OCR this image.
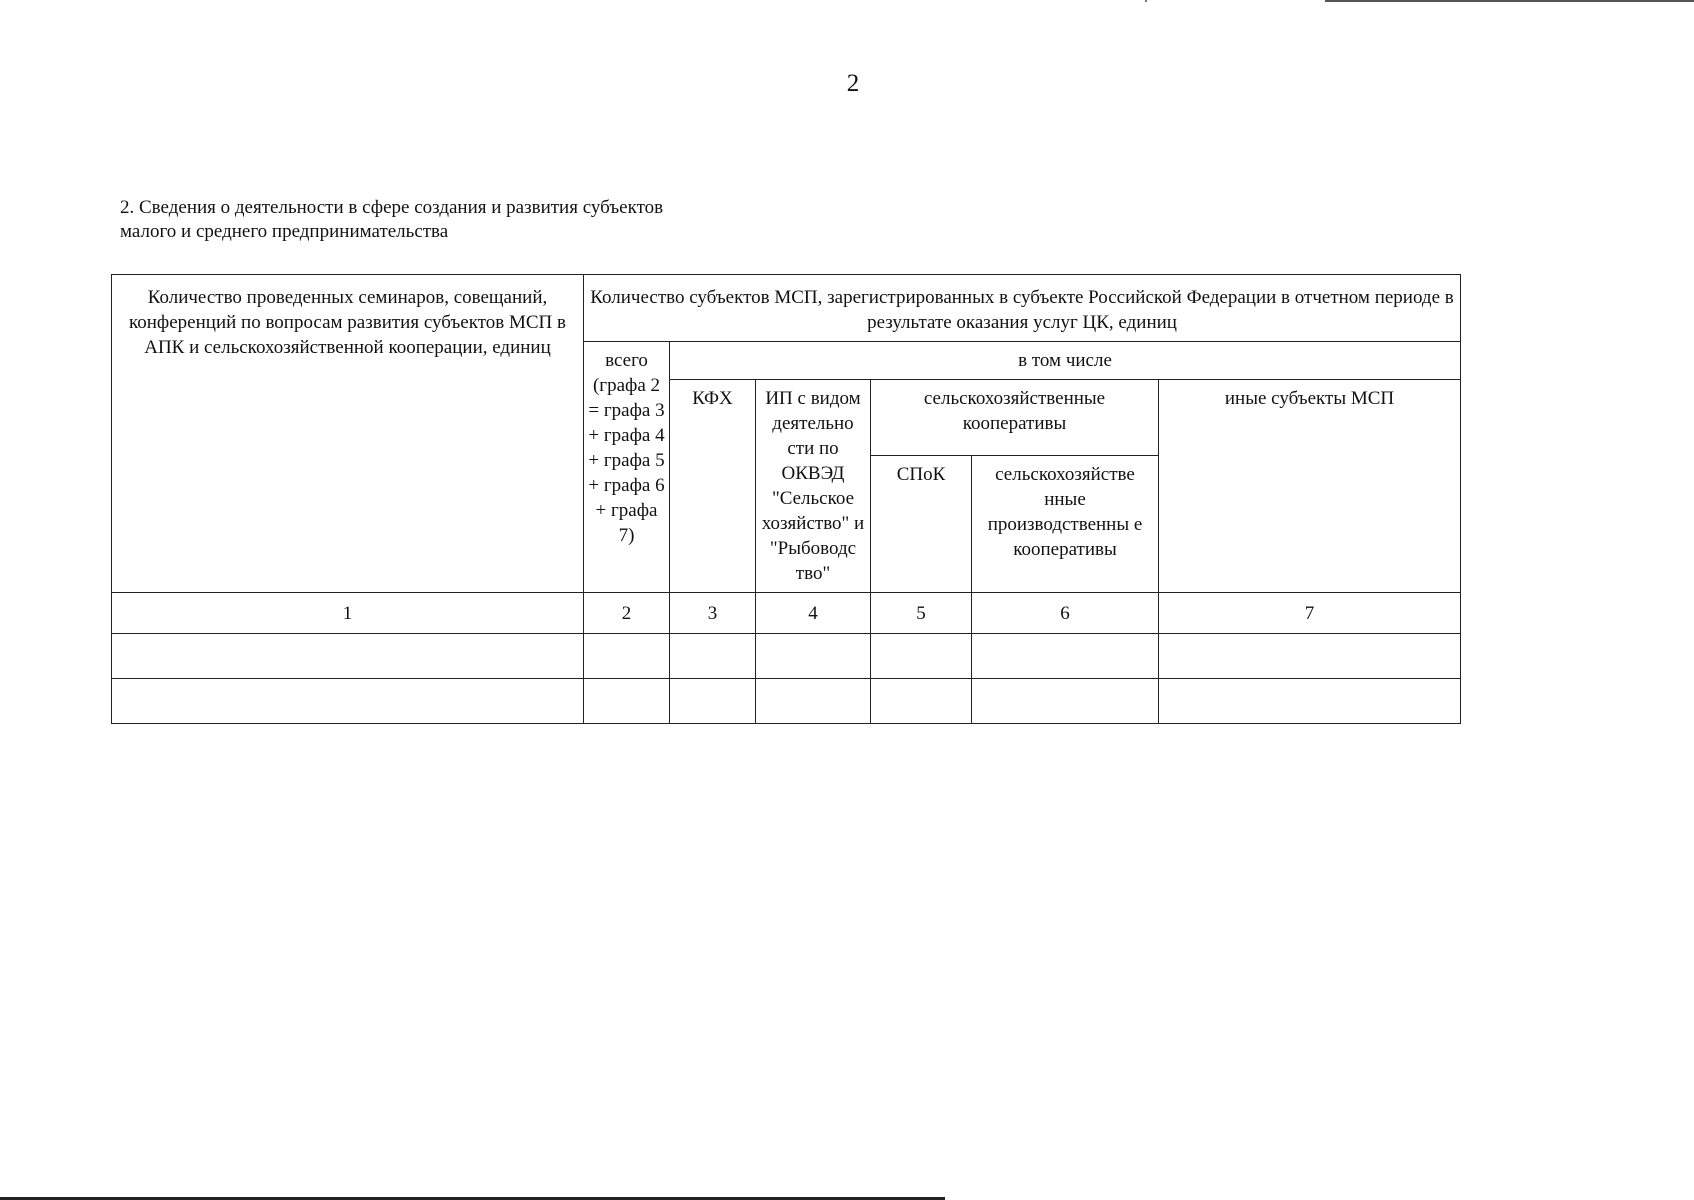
2
2. Сведения о деятельности в сфере создания и развития субъектов
малого и среднего предпринимательства
Количество проведенных семинаров, совещаний, конференций по вопросам развития субъектов МСП в АПК и сельскохозяйственной кооперации, единиц	Количество субъектов МСП, зарегистрированных в субъекте Российской Федерации в отчетном периоде в результате оказания услуг ЦК, единиц					
	всего (графа 2 = графа 3 + графа 4 + графа 5 + графа 6 + графа 7)	в том числе				
		КФХ	ИП с видом деятельно сти по ОКВЭД "Сельское хозяйство" и "Рыбоводс тво"	сельскохозяйственные кооперативы		иные субъекты МСП
				СПоК	сельскохозяйстве нные производственны е кооперативы	
1	2	3	4	5	6	7
